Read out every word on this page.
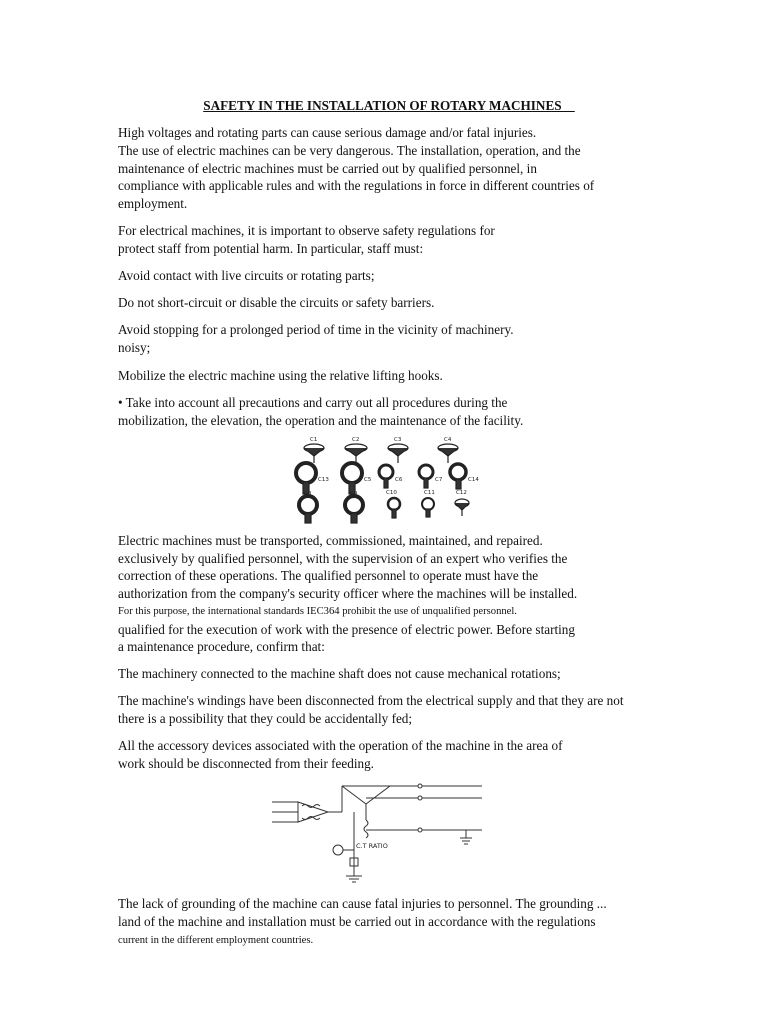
SAFETY IN THE INSTALLATION OF ROTARY MACHINES

High voltages and rotating parts can cause serious damage and/or fatal injuries.

The use of electric machines can be very dangerous. The installation, operation, and the

maintenance of electric machines must be carried out by qualified personnel, in

compliance with applicable rules and with the regulations in force in different countries of

employment.

For electrical machines, it is important to observe safety regulations for

protect staff from potential harm. In particular, staff must:

Avoid contact with live circuits or rotating parts;

Do not short-circuit or disable the circuits or safety barriers.

Avoid stopping for a prolonged period of time in the vicinity of machinery.

noisy;

Mobilize the electric machine using the relative lifting hooks.

• Take into account all precautions and carry out all procedures during the

mobilization, the elevation, the operation and the maintenance of the facility.

C1	C2	C3	C4
C13	C5	C6	C7	C14
C8	C9	C10	C11	C12

Electric machines must be transported, commissioned, maintained, and repaired.

exclusively by qualified personnel, with the supervision of an expert who verifies the

correction of these operations. The qualified personnel to operate must have the

authorization from the company's security officer where the machines will be installed.

For this purpose, the international standards IEC364 prohibit the use of unqualified personnel.

qualified for the execution of work with the presence of electric power. Before starting

a maintenance procedure, confirm that:

The machinery connected to the machine shaft does not cause mechanical rotations;

The machine's windings have been disconnected from the electrical supply and that they are not

there is a possibility that they could be accidentally fed;

All the accessory devices associated with the operation of the machine in the area of

work should be disconnected from their feeding.

C.T RATIO

The lack of grounding of the machine can cause fatal injuries to personnel. The grounding ...

land of the machine and installation must be carried out in accordance with the regulations

current in the different employment countries.
